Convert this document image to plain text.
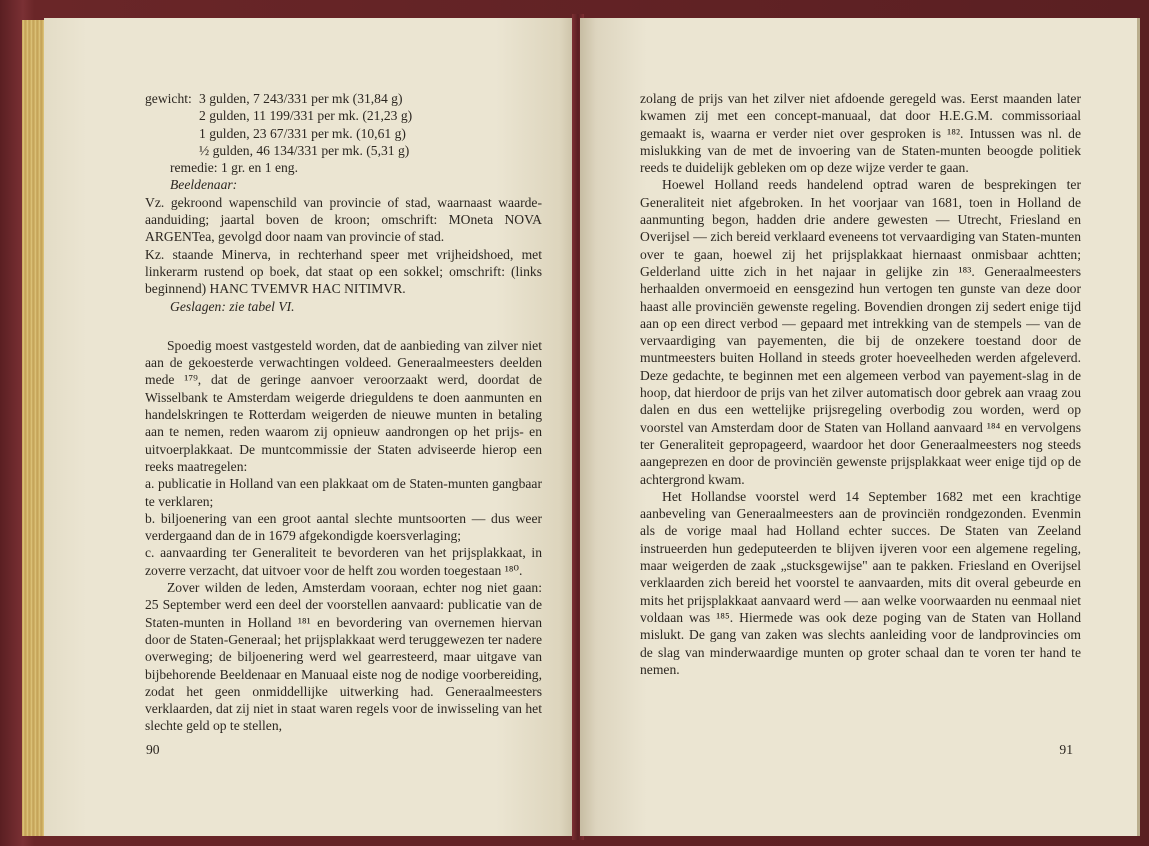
gewicht: 3 gulden, 7 243/331 per mk (31,84 g)
2 gulden, 11 199/331 per mk. (21,23 g)
1 gulden, 23 67/331 per mk. (10,61 g)
½ gulden, 46 134/331 per mk. (5,31 g)

remedie: 1 gr. en 1 eng.

Beeldenaar:

Vz. gekroond wapenschild van provincie of stad, waarnaast waarde-aanduiding; jaartal boven de kroon; omschrift: MOneta NOVA ARGENTea, gevolgd door naam van provincie of stad.

Kz. staande Minerva, in rechterhand speer met vrijheidshoed, met linkerarm rustend op boek, dat staat op een sokkel; omschrift: (links beginnend) HANC TVEMVR HAC NITIMVR.

Geslagen: zie tabel VI.

Spoedig moest vastgesteld worden, dat de aanbieding van zilver niet aan de gekoesterde verwachtingen voldeed. Generaalmeesters deelden mede ¹⁷⁹, dat de geringe aanvoer veroorzaakt werd, doordat de Wisselbank te Amsterdam weigerde drieguldens te doen aanmunten en handelskringen te Rotterdam weigerden de nieuwe munten in betaling aan te nemen, reden waarom zij opnieuw aandrongen op het prijs- en uitvoerplakkaat. De muntcommissie der Staten adviseerde hierop een reeks maatregelen:

a. publicatie in Holland van een plakkaat om de Staten-munten gangbaar te verklaren;

b. biljoenering van een groot aantal slechte muntsoorten — dus weer verdergaand dan de in 1679 afgekondigde koersverlaging;

c. aanvaarding ter Generaliteit te bevorderen van het prijsplakkaat, in zoverre verzacht, dat uitvoer voor de helft zou worden toegestaan ¹⁸⁰.

Zover wilden de leden, Amsterdam vooraan, echter nog niet gaan: 25 September werd een deel der voorstellen aanvaard: publicatie van de Staten-munten in Holland ¹⁸¹ en bevordering van overnemen hiervan door de Staten-Generaal; het prijsplakkaat werd teruggewezen ter nadere overweging; de biljoenering werd wel gearresteerd, maar uitgave van bijbehorende Beeldenaar en Manuaal eiste nog de nodige voorbereiding, zodat het geen onmiddellijke uitwerking had. Generaalmeesters verklaarden, dat zij niet in staat waren regels voor de inwisseling van het slechte geld op te stellen,

90

zolang de prijs van het zilver niet afdoende geregeld was. Eerst maanden later kwamen zij met een concept-manuaal, dat door H.E.G.M. commissoriaal gemaakt is, waarna er verder niet over gesproken is ¹⁸². Intussen was nl. de mislukking van de met de invoering van de Staten-munten beoogde politiek reeds te duidelijk gebleken om op deze wijze verder te gaan.

Hoewel Holland reeds handelend optrad waren de besprekingen ter Generaliteit niet afgebroken. In het voorjaar van 1681, toen in Holland de aanmunting begon, hadden drie andere gewesten — Utrecht, Friesland en Overijsel — zich bereid verklaard eveneens tot vervaardiging van Staten-munten over te gaan, hoewel zij het prijsplakkaat hiernaast onmisbaar achtten; Gelderland uitte zich in het najaar in gelijke zin ¹⁸³. Generaalmeesters herhaalden onvermoeid en eensgezind hun vertogen ten gunste van deze door haast alle provinciën gewenste regeling. Bovendien drongen zij sedert enige tijd aan op een direct verbod — gepaard met intrekking van de stempels — van de vervaardiging van payementen, die bij de onzekere toestand door de muntmeesters buiten Holland in steeds groter hoeveelheden werden afgeleverd. Deze gedachte, te beginnen met een algemeen verbod van payement-slag in de hoop, dat hierdoor de prijs van het zilver automatisch door gebrek aan vraag zou dalen en dus een wettelijke prijsregeling overbodig zou worden, werd op voorstel van Amsterdam door de Staten van Holland aanvaard ¹⁸⁴ en vervolgens ter Generaliteit gepropageerd, waardoor het door Generaalmeesters nog steeds aangeprezen en door de provinciën gewenste prijsplakkaat weer enige tijd op de achtergrond kwam.

Het Hollandse voorstel werd 14 September 1682 met een krachtige aanbeveling van Generaalmeesters aan de provinciën rondgezonden. Evenmin als de vorige maal had Holland echter succes. De Staten van Zeeland instrueerden hun gedeputeerden te blijven ijveren voor een algemene regeling, maar weigerden de zaak „stucksgewijse" aan te pakken. Friesland en Overijsel verklaarden zich bereid het voorstel te aanvaarden, mits dit overal gebeurde en mits het prijsplakkaat aanvaard werd — aan welke voorwaarden nu eenmaal niet voldaan was ¹⁸⁵. Hiermede was ook deze poging van de Staten van Holland mislukt. De gang van zaken was slechts aanleiding voor de landprovincies om de slag van minderwaardige munten op groter schaal dan te voren ter hand te nemen.

91
